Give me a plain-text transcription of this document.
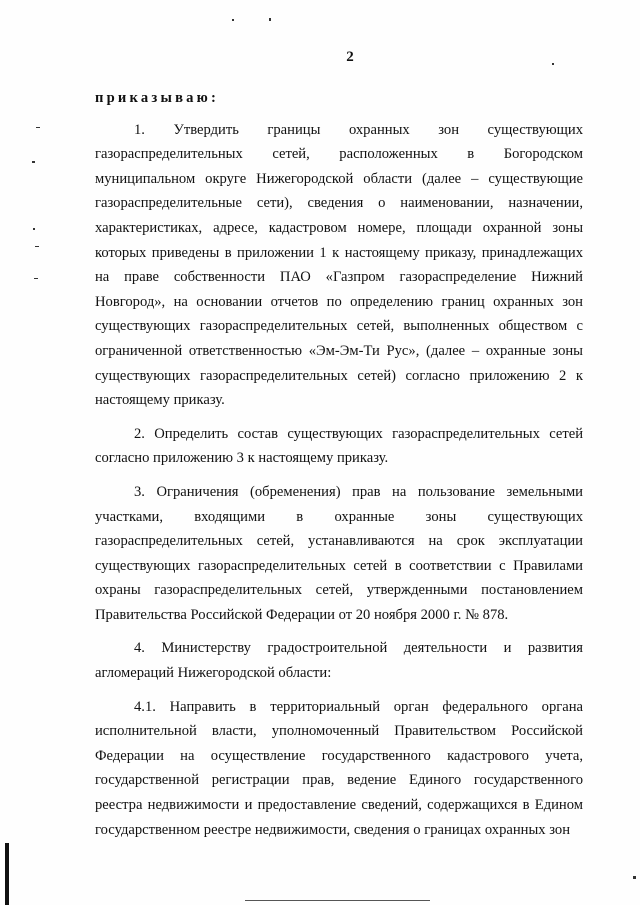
2

приказываю:

1. Утвердить границы охранных зон существующих газораспределительных сетей, расположенных в Богородском муниципальном округе Нижегородской области (далее – существующие газораспределительные сети), сведения о наименовании, назначении, характеристиках, адресе, кадастровом номере, площади охранной зоны которых приведены в приложении 1 к настоящему приказу, принадлежащих на праве собственности ПАО «Газпром газораспределение Нижний Новгород», на основании отчетов по определению границ охранных зон существующих газораспределительных сетей, выполненных обществом с ограниченной ответственностью «Эм-Эм-Ти Рус», (далее – охранные зоны существующих газораспределительных сетей) согласно приложению 2 к настоящему приказу.

2. Определить состав существующих газораспределительных сетей согласно приложению 3 к настоящему приказу.

3. Ограничения (обременения) прав на пользование земельными участками, входящими в охранные зоны существующих газораспределительных сетей, устанавливаются на срок эксплуатации существующих газораспределительных сетей в соответствии с Правилами охраны газораспределительных сетей, утвержденными постановлением Правительства Российской Федерации от 20 ноября 2000 г. № 878.

4. Министерству градостроительной деятельности и развития агломераций Нижегородской области:

4.1. Направить в территориальный орган федерального органа исполнительной власти, уполномоченный Правительством Российской Федерации на осуществление государственного кадастрового учета, государственной регистрации прав, ведение Единого государственного реестра недвижимости и предоставление сведений, содержащихся в Едином государственном реестре недвижимости, сведения о границах охранных зон
